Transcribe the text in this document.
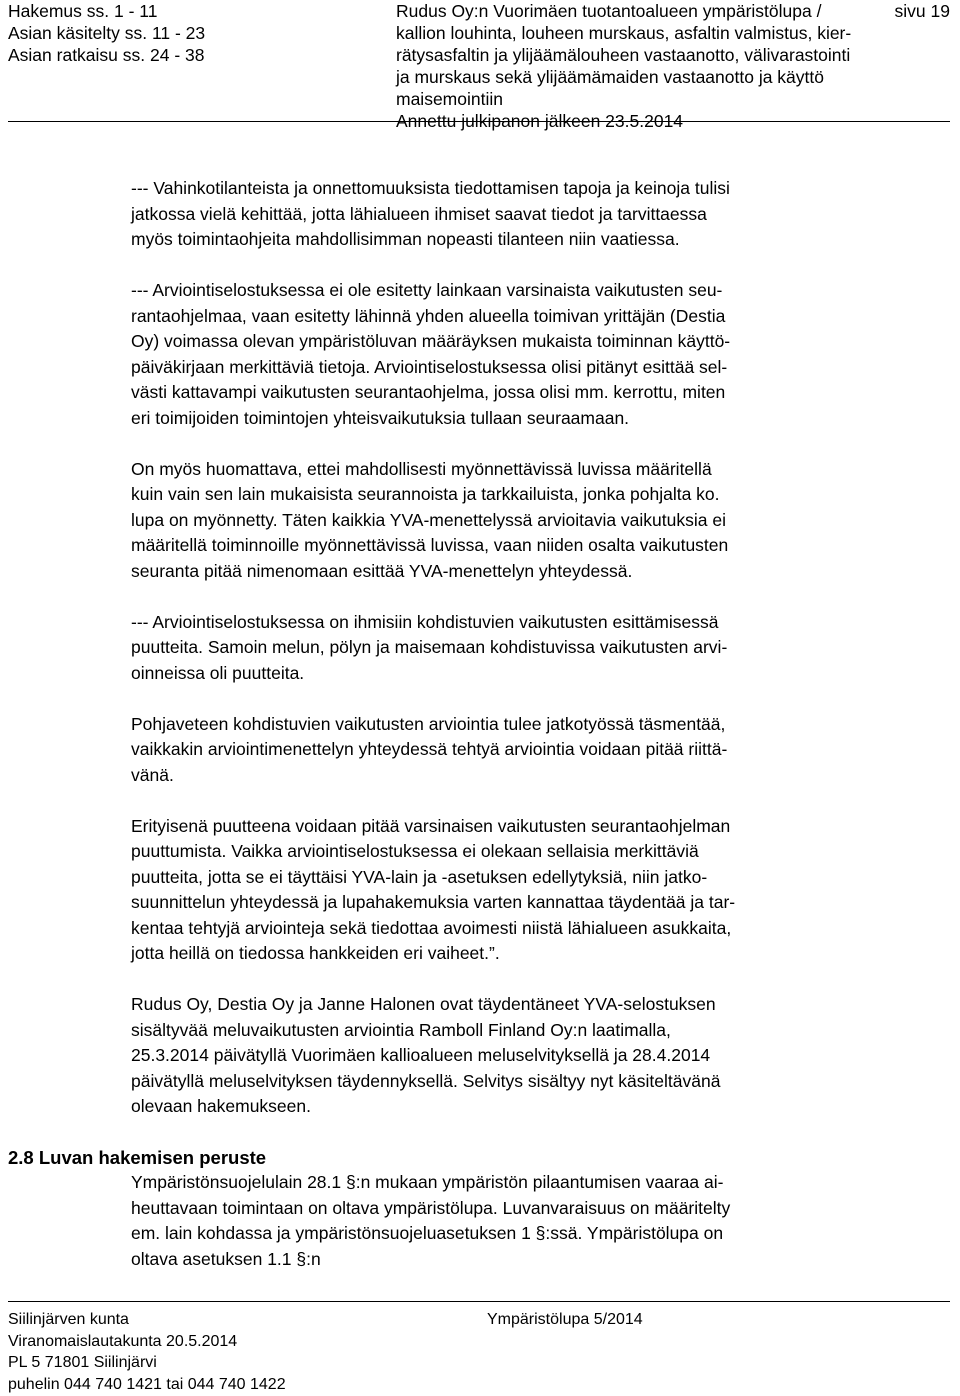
Hakemus ss. 1 - 11
Asian käsitelty ss. 11 - 23
Asian ratkaisu ss. 24 - 38
Rudus Oy:n Vuorimäen tuotantoalueen ympäristölupa /
kallion louhinta, louheen murskaus, asfaltin valmistus, kier-
rätysasfaltin ja ylijäämälouheen vastaanotto, välivarastointi
ja murskaus sekä ylijäämämaiden vastaanotto ja käyttö
maisemointiin
Annettu julkipanon jälkeen 23.5.2014
sivu 19

--- Vahinkotilanteista ja onnettomuuksista tiedottamisen tapoja ja keinoja tulisi
jatkossa vielä kehittää, jotta lähialueen ihmiset saavat tiedot ja tarvittaessa
myös toimintaohjeita mahdollisimman nopeasti tilanteen niin vaatiessa.

--- Arviointiselostuksessa ei ole esitetty lainkaan varsinaista vaikutusten seu-
rantaohjelmaa, vaan esitetty lähinnä yhden alueella toimivan yrittäjän (Destia
Oy) voimassa olevan ympäristöluvan määräyksen mukaista toiminnan käyttö-
päiväkirjaan merkittäviä tietoja. Arviointiselostuksessa olisi pitänyt esittää sel-
västi kattavampi vaikutusten seurantaohjelma, jossa olisi mm. kerrottu, miten
eri toimijoiden toimintojen yhteisvaikutuksia tullaan seuraamaan.

On myös huomattava, ettei mahdollisesti myönnettävissä luvissa määritellä
kuin vain sen lain mukaisista seurannoista ja tarkkailuista, jonka pohjalta ko.
lupa on myönnetty. Täten kaikkia YVA-menettelyssä arvioitavia vaikutuksia ei
määritellä toiminnoille myönnettävissä luvissa, vaan niiden osalta vaikutusten
seuranta pitää nimenomaan esittää YVA-menettelyn yhteydessä.

--- Arviointiselostuksessa on ihmisiin kohdistuvien vaikutusten esittämisessä
puutteita. Samoin melun, pölyn ja maisemaan kohdistuvissa vaikutusten arvi-
oinneissa oli puutteita.

Pohjaveteen kohdistuvien vaikutusten arviointia tulee jatkotyössä täsmentää,
vaikkakin arviointimenettelyn yhteydessä tehtyä arviointia voidaan pitää riittä-
vänä.

Erityisenä puutteena voidaan pitää varsinaisen vaikutusten seurantaohjelman
puuttumista. Vaikka arviointiselostuksessa ei olekaan sellaisia merkittäviä
puutteita, jotta se ei täyttäisi YVA-lain ja -asetuksen edellytyksiä, niin jatko-
suunnittelun yhteydessä ja lupahakemuksia varten kannattaa täydentää ja tar-
kentaa tehtyjä arviointeja sekä tiedottaa avoimesti niistä lähialueen asukkaita,
jotta heillä on tiedossa hankkeiden eri vaiheet.”.

Rudus Oy, Destia Oy ja Janne Halonen ovat täydentäneet YVA-selostuksen
sisältyvää meluvaikutusten arviointia Ramboll Finland Oy:n laatimalla,
25.3.2014 päivätyllä Vuorimäen kallioalueen meluselvityksellä ja 28.4.2014
päivätyllä meluselvityksen täydennyksellä. Selvitys sisältyy nyt käsiteltävänä
olevaan hakemukseen.

2.8 Luvan hakemisen peruste
Ympäristönsuojelulain 28.1 §:n mukaan ympäristön pilaantumisen vaaraa ai-
heuttavaan toimintaan on oltava ympäristölupa. Luvanvaraisuus on määritelty
em. lain kohdassa ja ympäristönsuojeluasetuksen 1 §:ssä. Ympäristölupa on
oltava asetuksen 1.1 §:n
Siilinjärven kunta
Viranomaislautakunta 20.5.2014
PL 5 71801 Siilinjärvi
puhelin 044 740 1421 tai 044 740 1422
Ympäristölupa 5/2014
